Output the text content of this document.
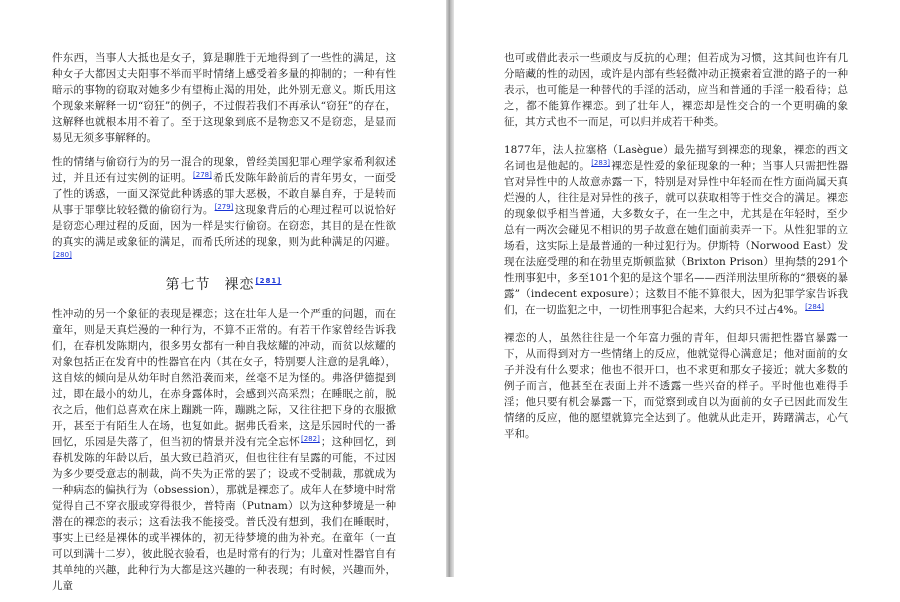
件东西，当事人大抵也是女子，算是聊胜于无地得到了一些性的满足，这种女子大都因丈夫阳事不举而平时情绪上感受着多量的抑制的；一种有性暗示的事物的窃取对她多少有望梅止渴的用处，此外别无意义。斯氏用这个现象来解释一切“窃狂”的例子，不过假若我们不再承认“窃狂”的存在，这解释也就根本用不着了。至于这现象到底不是物恋又不是窃恋，是显而易见无须多事解释的。

性的情绪与偷窃行为的另一混合的现象，曾经美国犯罪心理学家希利叙述过，并且还有过实例的证明。[278]希氏发陈年龄前后的青年男女，一面受了性的诱惑，一面又深觉此种诱惑的罪大恶极，不敢自暴自弃，于是转而从事于罪孽比较轻微的偷窃行为。[279]这现象背后的心理过程可以说恰好是窃恋心理过程的反面，因为一样是实行偷窃。在窃恋，其目的是在性欲的真实的满足或象征的满足，而希氏所述的现象，则为此种满足的闪避。[280]

第七节 裸恋[281]

性冲动的另一个象征的表现是裸恋；这在壮年人是一个严重的问题，而在童年，则是天真烂漫的一种行为，不算不正常的。有若干作家曾经告诉我们，在春机发陈期内，很多男女都有一种自我炫耀的冲动，而贫以炫耀的对象包括正在发育中的性器官在内（其在女子，特别要人注意的是乳峰），这自炫的倾向是从幼年时自然沿袭而来，丝毫不足为怪的。弗洛伊德提到过，即在最小的幼儿，在赤身露体时，会感到兴高采烈；在睡眠之前，脱衣之后，他们总喜欢在床上蹦跳一阵，蹦跳之际，又往往把下身的衣服掀开，甚至于有陌生人在场，也复如此。据弗氏看来，这是乐园时代的一番回忆，乐园是失落了，但当初的情景并没有完全忘怀[282]；这种回忆，到春机发陈的年龄以后，虽大致已趋消灭，但也往往有呈露的可能，不过因为多少要受意志的制裁，尚不失为正常的罢了；设或不受制裁，那就成为一种病态的偏执行为（obsession），那就是裸恋了。成年人在梦境中时常觉得自己不穿衣服或穿得很少，普特南（Putnam）以为这种梦境是一种潜在的裸恋的表示；这看法我不能接受。普氏没有想到，我们在睡眠时，事实上已经是裸体的或半裸体的，初无待梦境的曲为补充。在童年（一直可以到满十二岁），彼此脱衣验看，也是时常有的行为；儿童对性器官自有其单纯的兴趣，此种行为大都是这兴趣的一种表现；有时候，兴趣而外，儿童

也可或借此表示一些顽皮与反抗的心理；但若成为习惯，这其间也许有几分暗藏的性的动因，或许是内部有些轻微冲动正摸索着宣泄的路子的一种表示，也可能是一种替代的手淫的活动，应当和普通的手淫一般看待；总之，都不能算作裸恋。到了壮年人，裸恋却是性交合的一个更明确的象征，其方式也不一而足，可以归并成若干种类。

1877年，法人拉塞格（Lasègue）最先描写到裸恋的现象，裸恋的西文名词也是他起的。[283]裸恋是性爱的象征现象的一种；当事人只需把性器官对异性中的人故意赤露一下，特别是对异性中年轻而在性方面尚属天真烂漫的人，往往是对异性的孩子，就可以获取相等于性交合的满足。裸恋的现象似乎相当普通，大多数女子，在一生之中，尤其是在年轻时，至少总有一两次会碰见不相识的男子故意在她们面前卖弄一下。从性犯罪的立场看，这实际上是最普通的一种过犯行为。伊斯特（Norwood East）发现在法庭受理的和在勃里克斯顿监狱（Brixton Prison）里拘禁的291个性刑事犯中，多至101个犯的是这个罪名——西洋刑法里所称的“猥亵的暴露”（indecent exposure）；这数目不能不算很大，因为犯罪学家告诉我们，在一切监犯之中，一切性刑事犯合起来，大约只不过占4%。[284]

裸恋的人，虽然往往是一个年富力强的青年，但却只需把性器官暴露一下，从而得到对方一些情绪上的反应，他就觉得心满意足；他对面前的女子并没有什么要求；他也不很开口，也不求更和那女子接近；就大多数的例子而言，他甚至在表面上并不透露一些兴奋的样子。平时他也难得手淫；他只要有机会暴露一下，而觉察到或自以为面前的女子已因此而发生情绪的反应，他的愿望就算完全达到了。他就从此走开，踌躇满志，心气平和。
